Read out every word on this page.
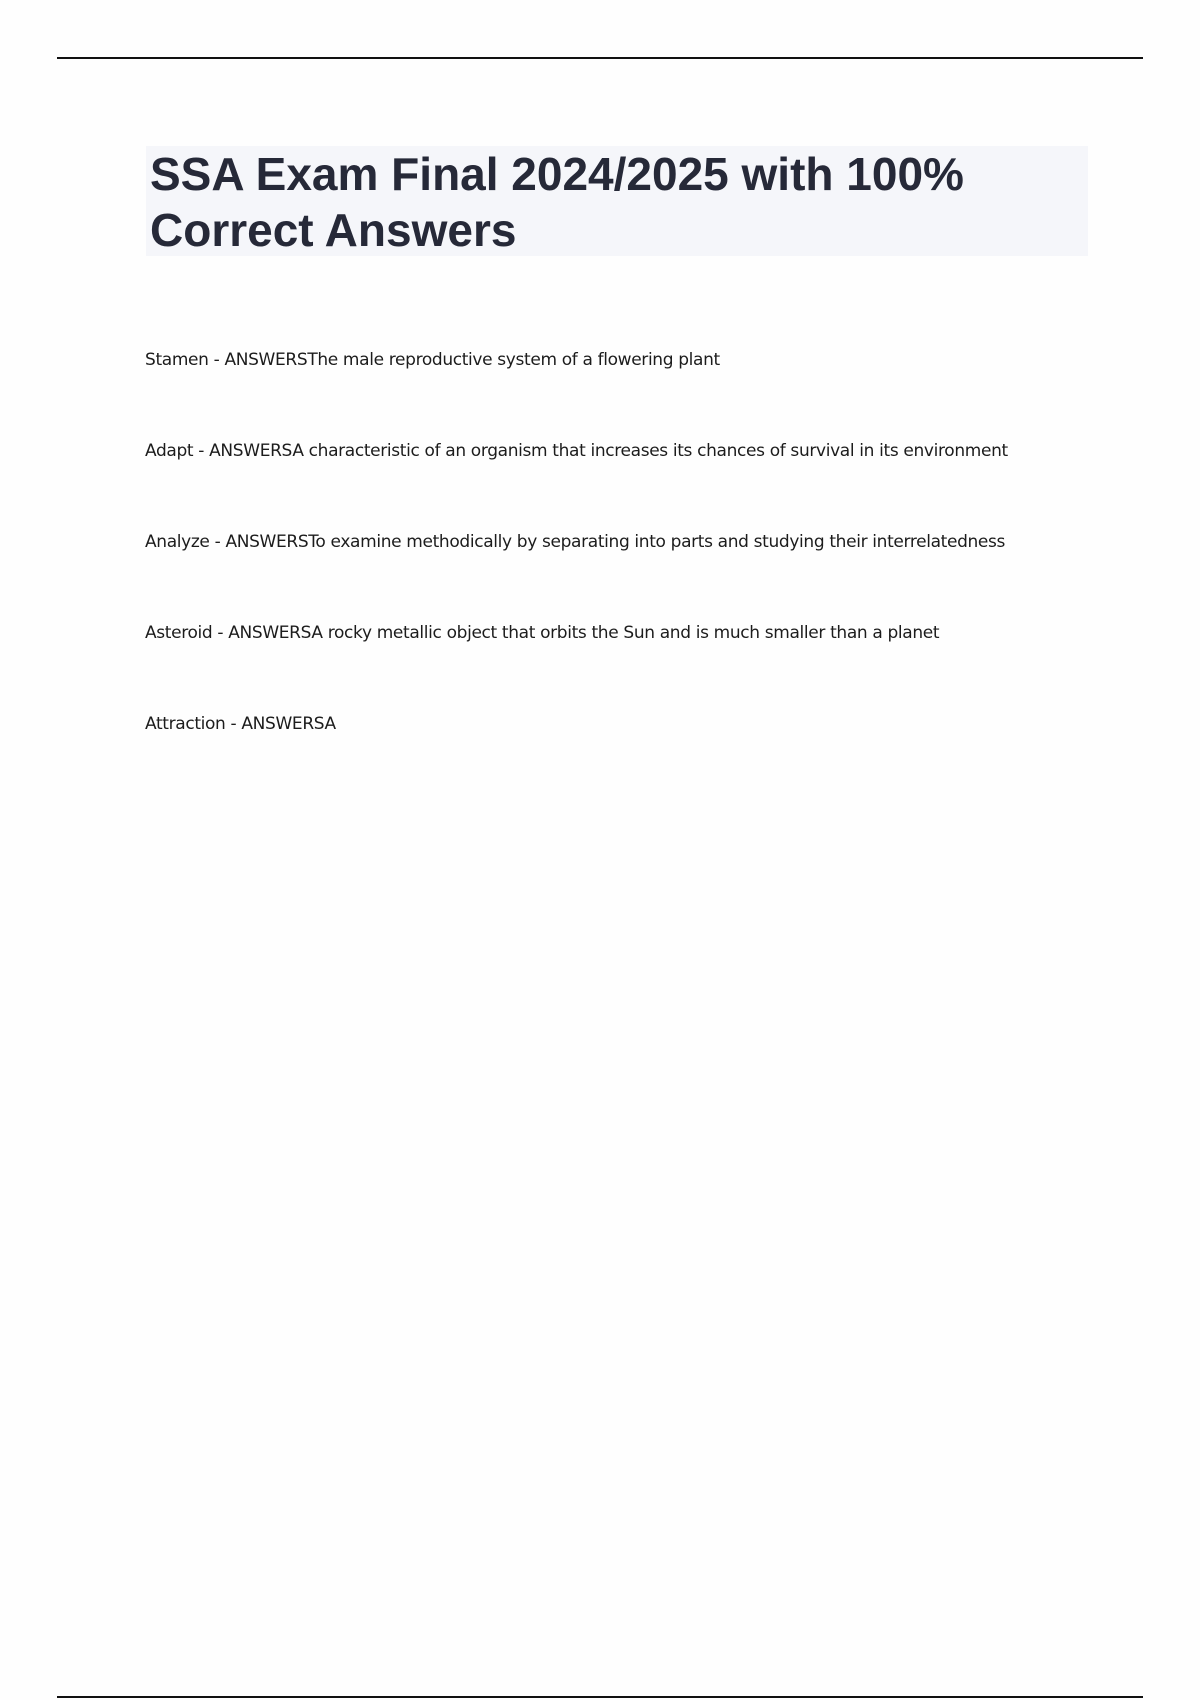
SSA Exam Final 2024/2025 with 100% Correct Answers
Stamen - ANSWERSThe male reproductive system of a flowering plant
Adapt - ANSWERSA characteristic of an organism that increases its chances of survival in its environment
Analyze - ANSWERSTo examine methodically by separating into parts and studying their interrelatedness
Asteroid - ANSWERSA rocky metallic object that orbits the Sun and is much smaller than a planet
Attraction - ANSWERSA
